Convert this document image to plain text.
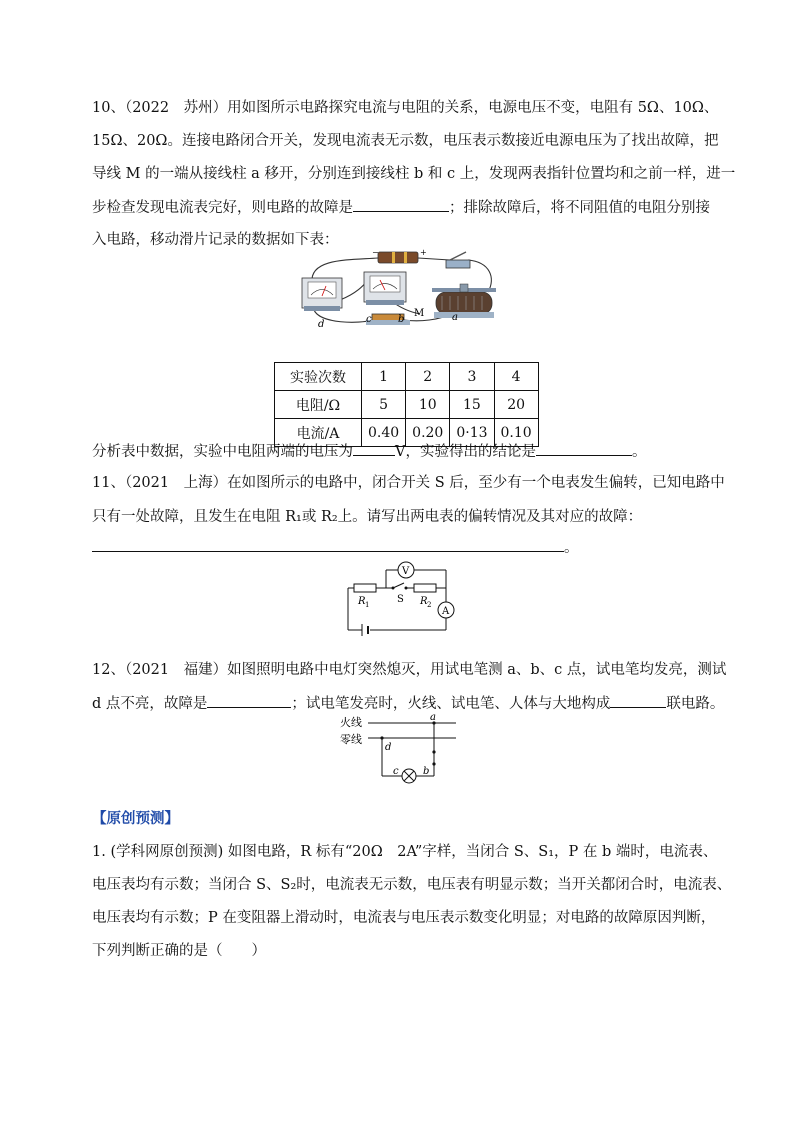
10、（2022　苏州）用如图所示电路探究电流与电阻的关系，电源电压不变，电阻有 5Ω、10Ω、
15Ω、20Ω。连接电路闭合开关，发现电流表无示数，电压表示数接近电源电压为了找出故障，把
导线 M 的一端从接线柱 a 移开，分别连到接线柱 b 和 c 上，发现两表指针位置均和之前一样，进一
步检查发现电流表完好，则电路的故障是	；排除故障后，将不同阻值的电阻分别接
入电路，移动滑片记录的数据如下表：
−	+
d	c	b
M	a
实验次数	1	2	3	4
电阻/Ω	5	10	15	20
电流/A	0.40	0.20	0·13	0.10
分析表中数据，实验中电阻两端的电压为	V，实验得出的结论是	。
11、（2021　上海）在如图所示的电路中，闭合开关 S 后，至少有一个电表发生偏转，已知电路中
只有一处故障，且发生在电阻 R₁或 R₂上。请写出两电表的偏转情况及其对应的故障：
。
A
V
R 1	S R 2
12、（2021　福建）如图照明电路中电灯突然熄灭，用试电笔测 a、b、c 点，试电笔均发亮，测试
d 点不亮，故障是	；试电笔发亮时，火线、试电笔、人体与大地构成	联电路。
火线
零线
a
d
c b
【原创预测】
1. (学科网原创预测) 如图电路，R 标有“20Ω　2A”字样，当闭合 S、S₁，P 在 b 端时，电流表、
电压表均有示数；当闭合 S、S₂时，电流表无示数，电压表有明显示数；当开关都闭合时，电流表、
电压表均有示数；P 在变阻器上滑动时，电流表与电压表示数变化明显；对电路的故障原因判断，
下列判断正确的是（　　）
